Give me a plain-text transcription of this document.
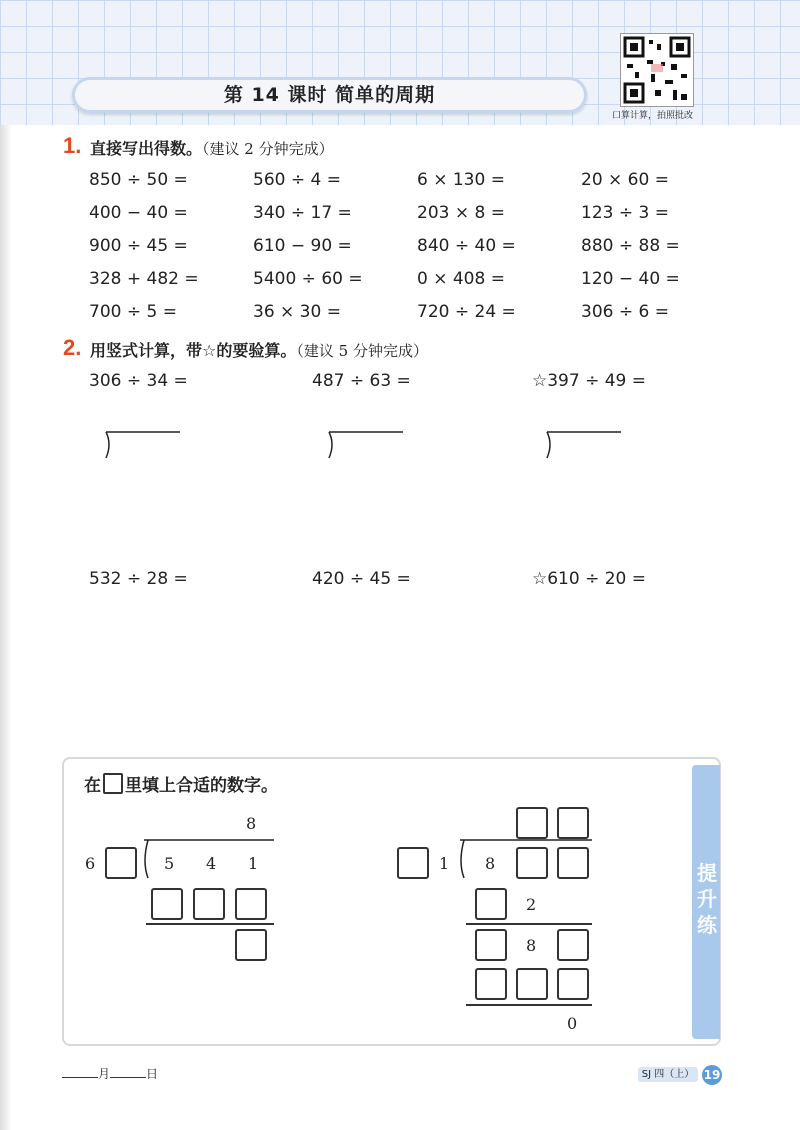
第 14 课时 简单的周期
口算计算，拍照批改
1. 直接写出得数。（建议 2 分钟完成）
850 ÷ 50 =	560 ÷ 4 =	6 × 130 =	20 × 60 =
400 − 40 =	340 ÷ 17 =	203 × 8 =	123 ÷ 3 =
900 ÷ 45 =	610 − 90 =	840 ÷ 40 =	880 ÷ 88 =
328 + 482 =	5400 ÷ 60 =	0 × 408 =	120 − 40 =
700 ÷ 5 =	36 × 30 =	720 ÷ 24 =	306 ÷ 6 =
2. 用竖式计算，带☆的要验算。（建议 5 分钟完成）
306 ÷ 34 =	487 ÷ 63 =	☆397 ÷ 49 =
532 ÷ 28 =	420 ÷ 45 =	☆610 ÷ 20 =
提升练
在 里填上合适的数字。
8
6	5 4 1	1 8
2
8
0
月	日	SJ 四（上） 19
